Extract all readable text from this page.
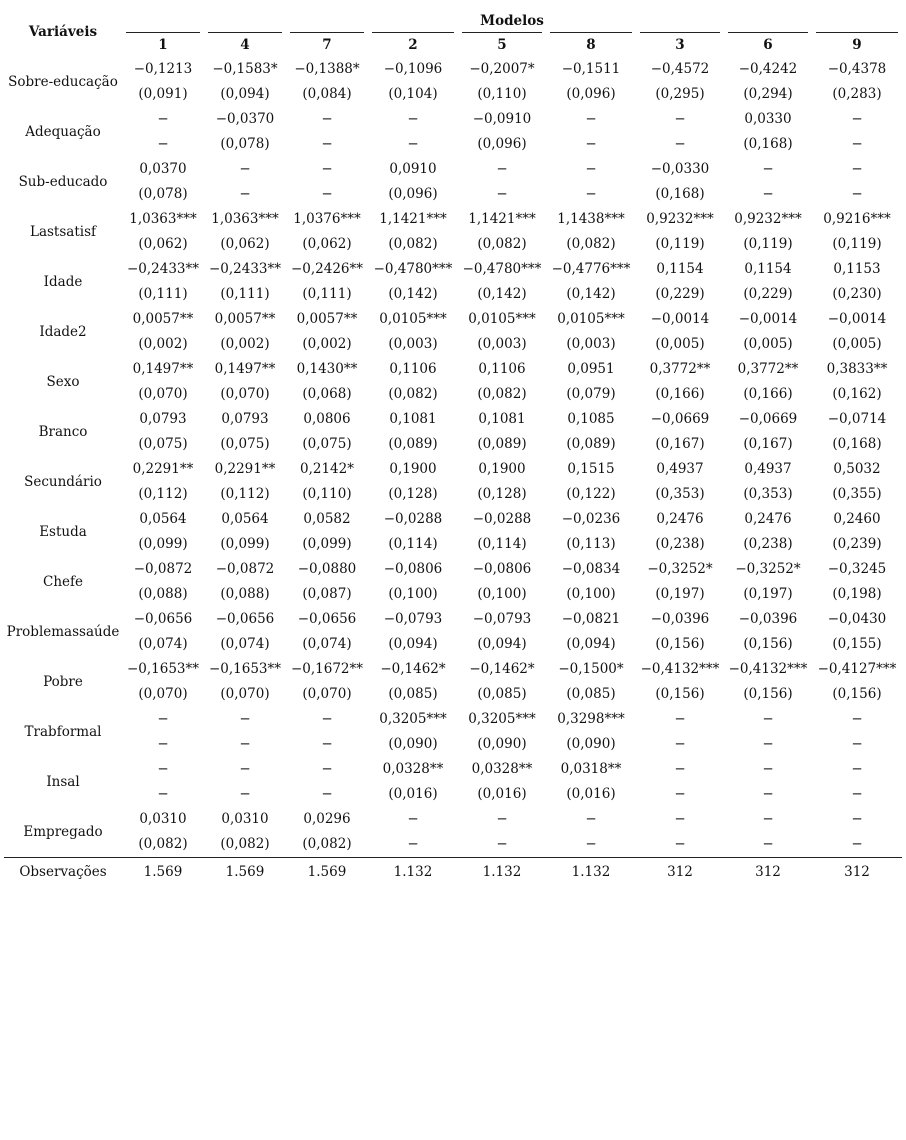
Variáveis	Modelos								

	1	4	7	2	5	8	3	6	9

Sobre-educação	−0,1213	−0,1583*	−0,1388*	−0,1096	−0,2007*	−0,1511	−0,4572	−0,4242	−0,4378
	(0,091)	(0,094)	(0,084)	(0,104)	(0,110)	(0,096)	(0,295)	(0,294)	(0,283)
Adequação	−	−0,0370	−	−	−0,0910	−	−	0,0330	−
	−	(0,078)	−	−	(0,096)	−	−	(0,168)	−
Sub-educado	0,0370	−	−	0,0910	−	−	−0,0330	−	−
	(0,078)	−	−	(0,096)	−	−	(0,168)	−	−
Lastsatisf	1,0363***	1,0363***	1,0376***	1,1421***	1,1421***	1,1438***	0,9232***	0,9232***	0,9216***
	(0,062)	(0,062)	(0,062)	(0,082)	(0,082)	(0,082)	(0,119)	(0,119)	(0,119)
Idade	−0,2433**	−0,2433**	−0,2426**	−0,4780***	−0,4780***	−0,4776***	0,1154	0,1154	0,1153
	(0,111)	(0,111)	(0,111)	(0,142)	(0,142)	(0,142)	(0,229)	(0,229)	(0,230)
Idade2	0,0057**	0,0057**	0,0057**	0,0105***	0,0105***	0,0105***	−0,0014	−0,0014	−0,0014
	(0,002)	(0,002)	(0,002)	(0,003)	(0,003)	(0,003)	(0,005)	(0,005)	(0,005)
Sexo	0,1497**	0,1497**	0,1430**	0,1106	0,1106	0,0951	0,3772**	0,3772**	0,3833**
	(0,070)	(0,070)	(0,068)	(0,082)	(0,082)	(0,079)	(0,166)	(0,166)	(0,162)
Branco	0,0793	0,0793	0,0806	0,1081	0,1081	0,1085	−0,0669	−0,0669	−0,0714
	(0,075)	(0,075)	(0,075)	(0,089)	(0,089)	(0,089)	(0,167)	(0,167)	(0,168)
Secundário	0,2291**	0,2291**	0,2142*	0,1900	0,1900	0,1515	0,4937	0,4937	0,5032
	(0,112)	(0,112)	(0,110)	(0,128)	(0,128)	(0,122)	(0,353)	(0,353)	(0,355)
Estuda	0,0564	0,0564	0,0582	−0,0288	−0,0288	−0,0236	0,2476	0,2476	0,2460
	(0,099)	(0,099)	(0,099)	(0,114)	(0,114)	(0,113)	(0,238)	(0,238)	(0,239)
Chefe	−0,0872	−0,0872	−0,0880	−0,0806	−0,0806	−0,0834	−0,3252*	−0,3252*	−0,3245
	(0,088)	(0,088)	(0,087)	(0,100)	(0,100)	(0,100)	(0,197)	(0,197)	(0,198)
Problemassaúde	−0,0656	−0,0656	−0,0656	−0,0793	−0,0793	−0,0821	−0,0396	−0,0396	−0,0430
	(0,074)	(0,074)	(0,074)	(0,094)	(0,094)	(0,094)	(0,156)	(0,156)	(0,155)
Pobre	−0,1653**	−0,1653**	−0,1672**	−0,1462*	−0,1462*	−0,1500*	−0,4132***	−0,4132***	−0,4127***
	(0,070)	(0,070)	(0,070)	(0,085)	(0,085)	(0,085)	(0,156)	(0,156)	(0,156)
Trabformal	−	−	−	0,3205***	0,3205***	0,3298***	−	−	−
	−	−	−	(0,090)	(0,090)	(0,090)	−	−	−
Insal	−	−	−	0,0328**	0,0328**	0,0318**	−	−	−
	−	−	−	(0,016)	(0,016)	(0,016)	−	−	−
Empregado	0,0310	0,0310	0,0296	−	−	−	−	−	−
	(0,082)	(0,082)	(0,082)	−	−	−	−	−	−
Observações	1.569	1.569	1.569	1.132	1.132	1.132	312	312	312
